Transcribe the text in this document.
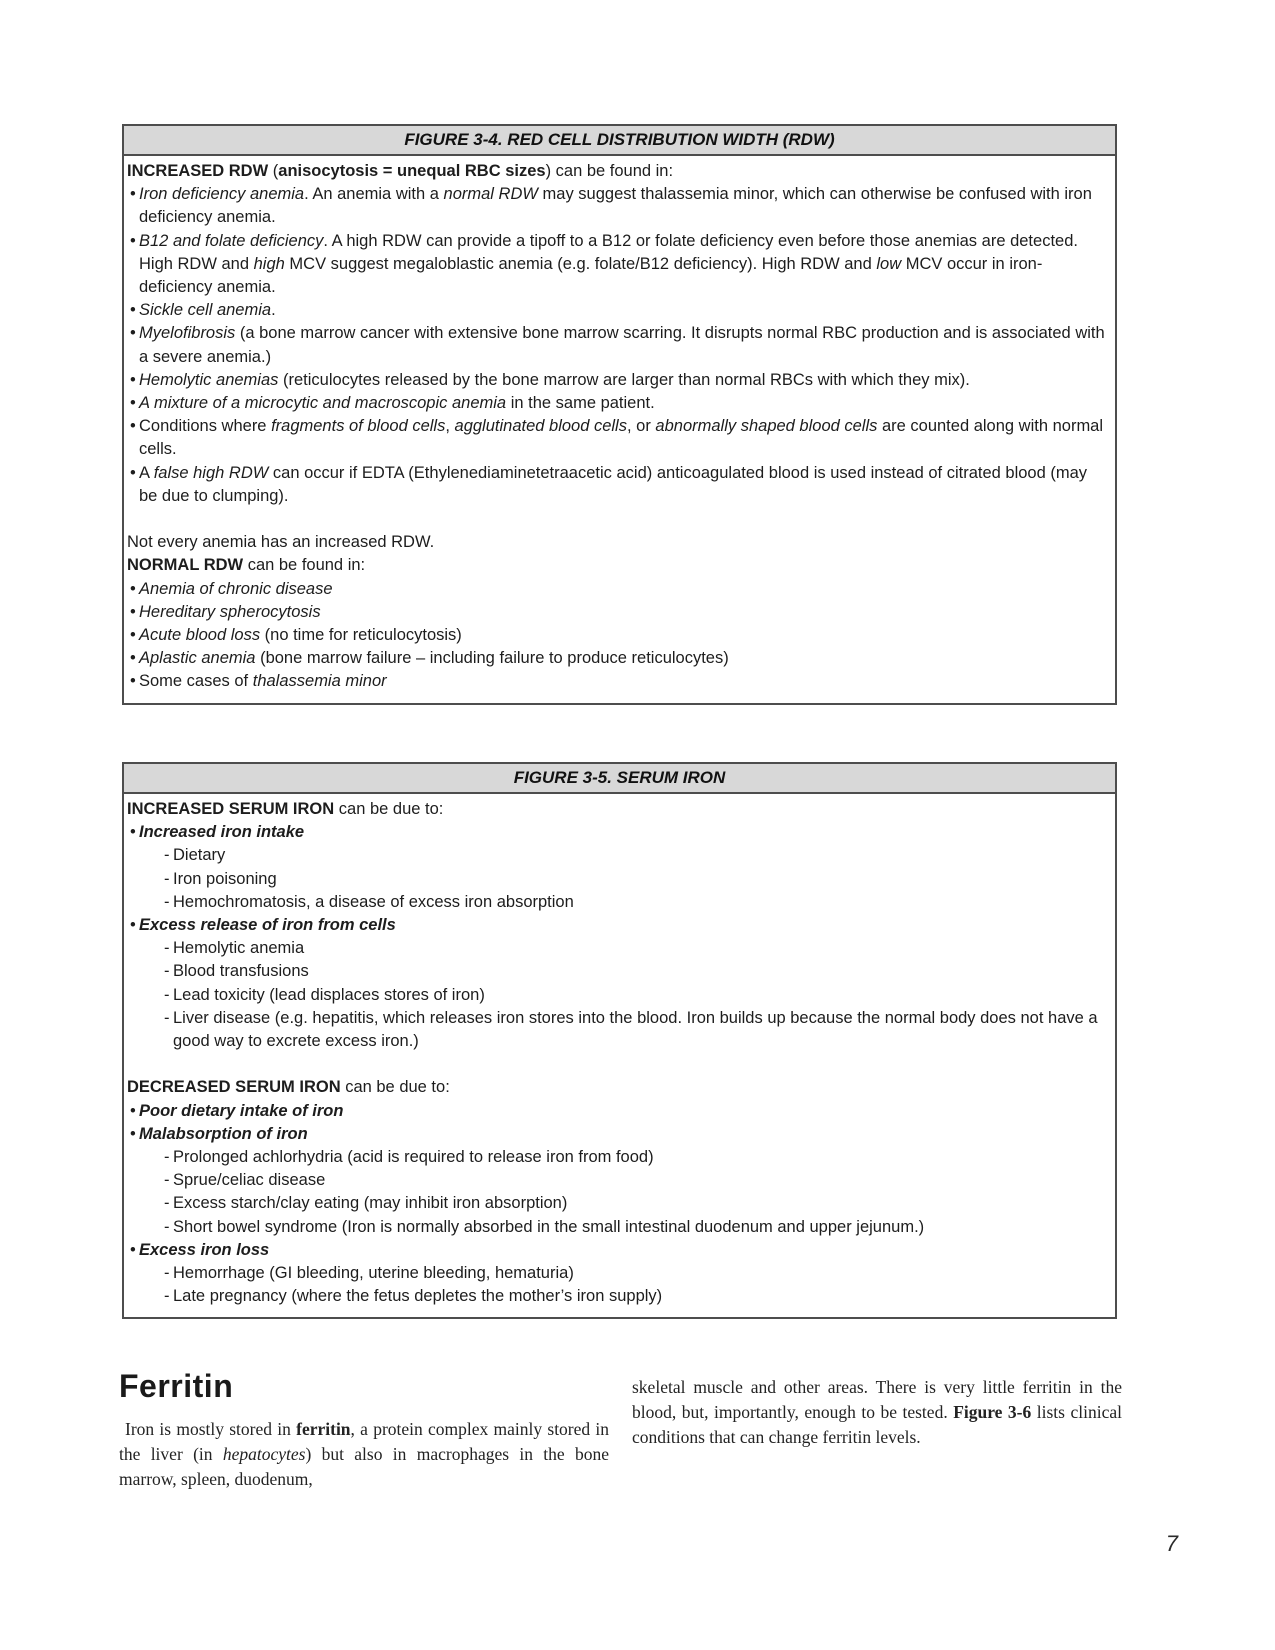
FIGURE 3-4. RED CELL DISTRIBUTION WIDTH (RDW)
INCREASED RDW (anisocytosis = unequal RBC sizes) can be found in:
• Iron deficiency anemia. An anemia with a normal RDW may suggest thalassemia minor, which can otherwise be confused with iron deficiency anemia.
• B12 and folate deficiency. A high RDW can provide a tipoff to a B12 or folate deficiency even before those anemias are detected. High RDW and high MCV suggest megaloblastic anemia (e.g. folate/B12 deficiency). High RDW and low MCV occur in iron-deficiency anemia.
• Sickle cell anemia.
• Myelofibrosis (a bone marrow cancer with extensive bone marrow scarring. It disrupts normal RBC production and is associated with a severe anemia.)
• Hemolytic anemias (reticulocytes released by the bone marrow are larger than normal RBCs with which they mix).
• A mixture of a microcytic and macroscopic anemia in the same patient.
• Conditions where fragments of blood cells, agglutinated blood cells, or abnormally shaped blood cells are counted along with normal cells.
• A false high RDW can occur if EDTA (Ethylenediaminetetraacetic acid) anticoagulated blood is used instead of citrated blood (may be due to clumping).
Not every anemia has an increased RDW.
NORMAL RDW can be found in:
• Anemia of chronic disease
• Hereditary spherocytosis
• Acute blood loss (no time for reticulocytosis)
• Aplastic anemia (bone marrow failure – including failure to produce reticulocytes)
• Some cases of thalassemia minor
FIGURE 3-5. SERUM IRON
INCREASED SERUM IRON can be due to:
• Increased iron intake
- Dietary
- Iron poisoning
- Hemochromatosis, a disease of excess iron absorption
• Excess release of iron from cells
- Hemolytic anemia
- Blood transfusions
- Lead toxicity (lead displaces stores of iron)
- Liver disease (e.g. hepatitis, which releases iron stores into the blood. Iron builds up because the normal body does not have a good way to excrete excess iron.)
DECREASED SERUM IRON can be due to:
• Poor dietary intake of iron
• Malabsorption of iron
- Prolonged achlorhydria (acid is required to release iron from food)
- Sprue/celiac disease
- Excess starch/clay eating (may inhibit iron absorption)
- Short bowel syndrome (Iron is normally absorbed in the small intestinal duodenum and upper jejunum.)
• Excess iron loss
- Hemorrhage (GI bleeding, uterine bleeding, hematuria)
- Late pregnancy (where the fetus depletes the mother’s iron supply)
Ferritin
Iron is mostly stored in ferritin, a protein complex mainly stored in the liver (in hepatocytes) but also in macrophages in the bone marrow, spleen, duodenum,
skeletal muscle and other areas. There is very little ferritin in the blood, but, importantly, enough to be tested. Figure 3-6 lists clinical conditions that can change ferritin levels.
7
